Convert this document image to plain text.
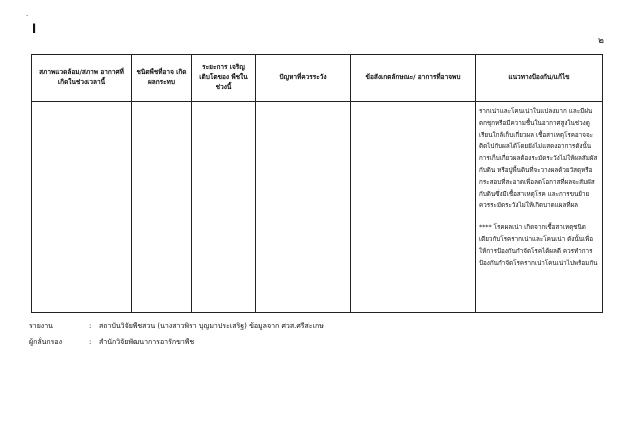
.
l
๒
สภาพแวดล้อม/สภาพ อากาศที่เกิดในช่วงเวลานี้	ชนิดพืชที่อาจ เกิดผลกระทบ	ระยะการ เจริญเติบโตของ พืชในช่วงนี้	ปัญหาที่ควรระวัง	ข้อสังเกตลักษณะ/ อาการที่อาจพบ	แนวทางป้องกัน/แก้ไข

					รากเน่าและโคนเน่าในแปลงมาก และมีฝนตกชุกหรือมีความชื้นในอากาศสูงในช่วงดูเรียนใกล้เก็บเกี่ยวผล เชื้อสาเหตุโรคอาจจะติดไปกับผลได้โดยยังไม่แสดงอาการดังนั้น การเก็บเกี่ยวผลต้องระมัดระวังไม่ให้ผลสัมผัสกับดิน หรือปูพื้นดินที่จะวางผลด้วยวัสดุหรือกระสอบที่สะอาดเพื่อลดโอกาสที่ผลจะสัมผัสกับดินซึ่งมีเชื้อสาเหตุโรค และการขนย้ายควรระมัดระวังไม่ให้เกิดบาดแผลที่ผล

**** โรคผลเน่า เกิดจากเชื้อสาเหตุชนิดเดียวกับโรครากเน่าและโคนเน่า ดังนั้นเพื่อให้การป้องกันกำจัดโรคได้ผลดี ควรทำการป้องกันกำจัดโรครากเน่าโคนเน่าไปพร้อมกัน

รายงาน	: สถาบันวิจัยพืชสวน (นางสาวพิรา บุญมาประเสริฐ) ข้อมูลจาก ศวส.ศรีสะเกษ
ผู้กลั่นกรอง	: สำนักวิจัยพัฒนาการอารักขาพืช
